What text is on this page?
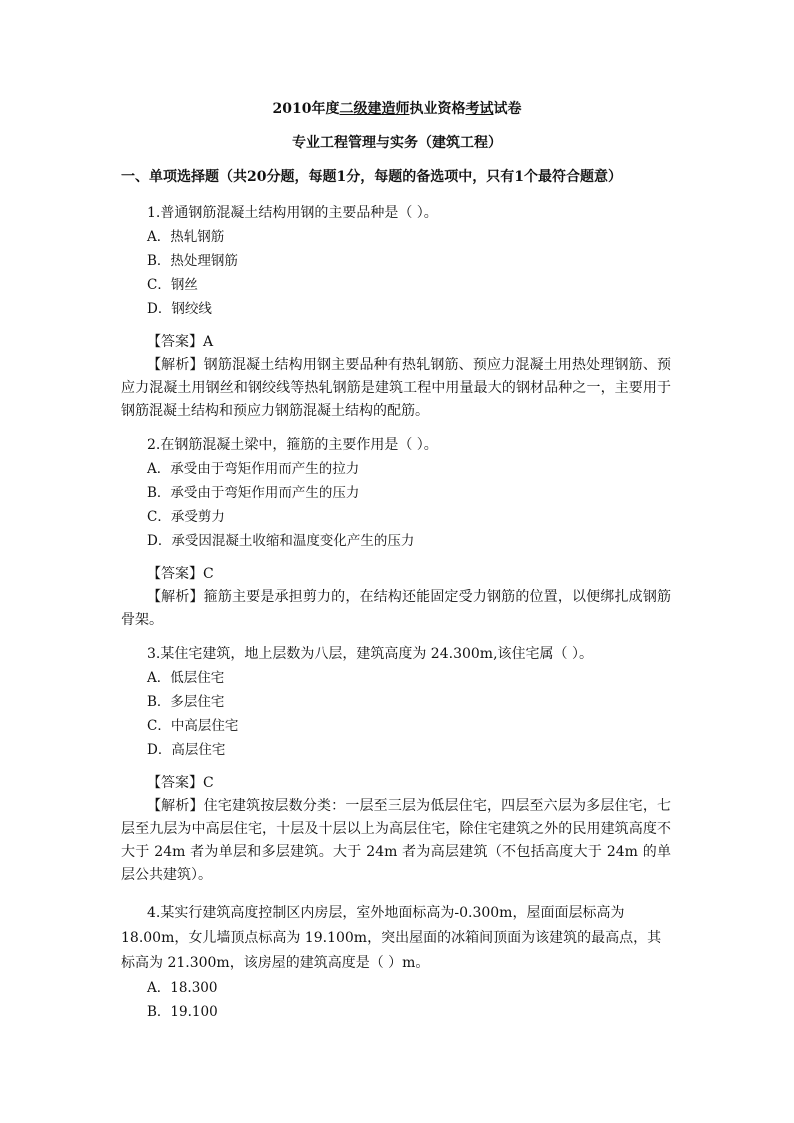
2010年度二级建造师执业资格考试试卷
专业工程管理与实务（建筑工程）
一、单项选择题（共20分题，每题1分，每题的备选项中，只有1个最符合题意）
1.普通钢筋混凝土结构用钢的主要品种是（ ）。
A．热轧钢筋
B．热处理钢筋
C．钢丝
D．钢绞线
【答案】A
【解析】钢筋混凝土结构用钢主要品种有热轧钢筋、预应力混凝土用热处理钢筋、预应力混凝土用钢丝和钢绞线等热轧钢筋是建筑工程中用量最大的钢材品种之一，主要用于钢筋混凝土结构和预应力钢筋混凝土结构的配筋。
2.在钢筋混凝土梁中，箍筋的主要作用是（ ）。
A．承受由于弯矩作用而产生的拉力
B．承受由于弯矩作用而产生的压力
C．承受剪力
D．承受因混凝土收缩和温度变化产生的压力
【答案】C
【解析】箍筋主要是承担剪力的，在结构还能固定受力钢筋的位置，以便绑扎成钢筋骨架。
3.某住宅建筑，地上层数为八层，建筑高度为 24.300m,该住宅属（ ）。
A．低层住宅
B．多层住宅
C．中高层住宅
D．高层住宅
【答案】C
【解析】住宅建筑按层数分类：一层至三层为低层住宅，四层至六层为多层住宅，七层至九层为中高层住宅，十层及十层以上为高层住宅，除住宅建筑之外的民用建筑高度不大于 24m 者为单层和多层建筑。大于 24m 者为高层建筑（不包括高度大于 24m 的单层公共建筑）。
4.某实行建筑高度控制区内房层，室外地面标高为-0.300m，屋面面层标高为 18.00m，女儿墙顶点标高为 19.100m，突出屋面的冰箱间顶面为该建筑的最高点，其标高为 21.300m，该房屋的建筑高度是（ ）m。
A．18.300
B．19.100
